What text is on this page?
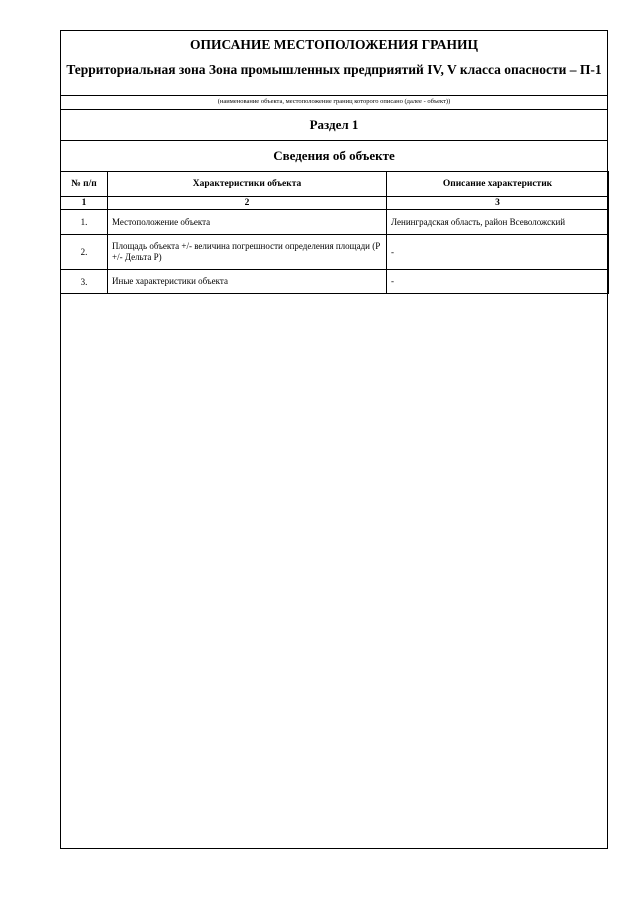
ОПИСАНИЕ МЕСТОПОЛОЖЕНИЯ ГРАНИЦ
Территориальная зона Зона промышленных предприятий IV, V класса опасности – П-1
(наименование объекта, местоположение границ которого описано (далее - объект))
Раздел 1
Сведения об объекте
№ п/п	Характеристики объекта	Описание характеристик
1	2	3
1.	Местоположение объекта	Ленинградская область, район Всеволожский
2.	Площадь объекта +/- величина погрешности определения площади (P +/- Дельта P)	-
3.	Иные характеристики объекта	-
